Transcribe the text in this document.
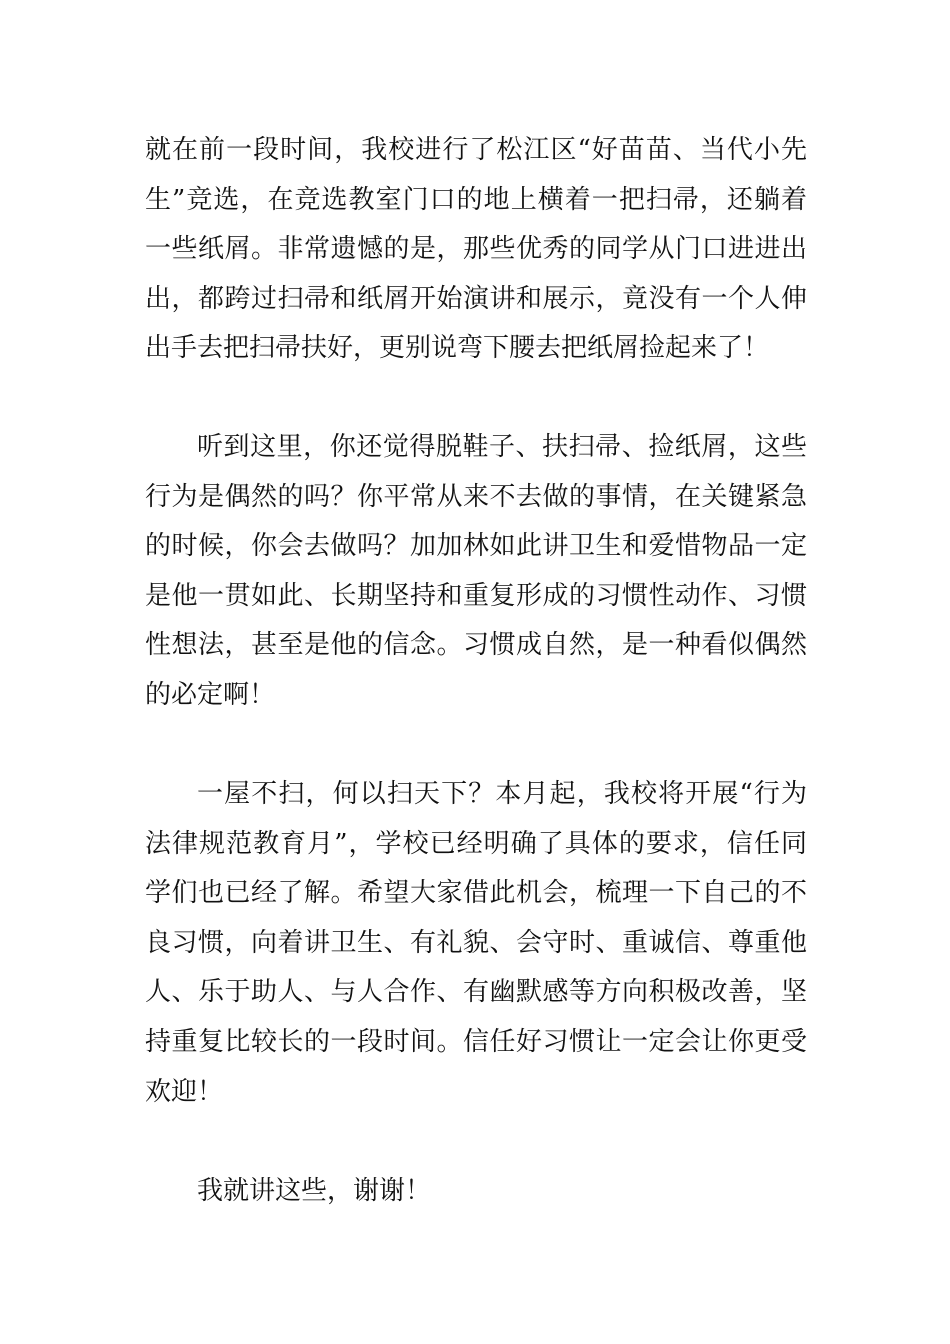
就在前一段时间，我校进行了松江区“好苗苗、当代小先生”竞选，在竞选教室门口的地上横着一把扫帚，还躺着一些纸屑。非常遗憾的是，那些优秀的同学从门口进进出出，都跨过扫帚和纸屑开始演讲和展示，竟没有一个人伸出手去把扫帚扶好，更别说弯下腰去把纸屑捡起来了！

听到这里，你还觉得脱鞋子、扶扫帚、捡纸屑，这些行为是偶然的吗？你平常从来不去做的事情，在关键紧急的时候，你会去做吗？加加林如此讲卫生和爱惜物品一定是他一贯如此、长期坚持和重复形成的习惯性动作、习惯性想法，甚至是他的信念。习惯成自然，是一种看似偶然的必定啊！

一屋不扫，何以扫天下？本月起，我校将开展“行为法律规范教育月”，学校已经明确了具体的要求，信任同学们也已经了解。希望大家借此机会，梳理一下自己的不良习惯，向着讲卫生、有礼貌、会守时、重诚信、尊重他人、乐于助人、与人合作、有幽默感等方向积极改善，坚持重复比较长的一段时间。信任好习惯让一定会让你更受欢迎！

我就讲这些，谢谢！
